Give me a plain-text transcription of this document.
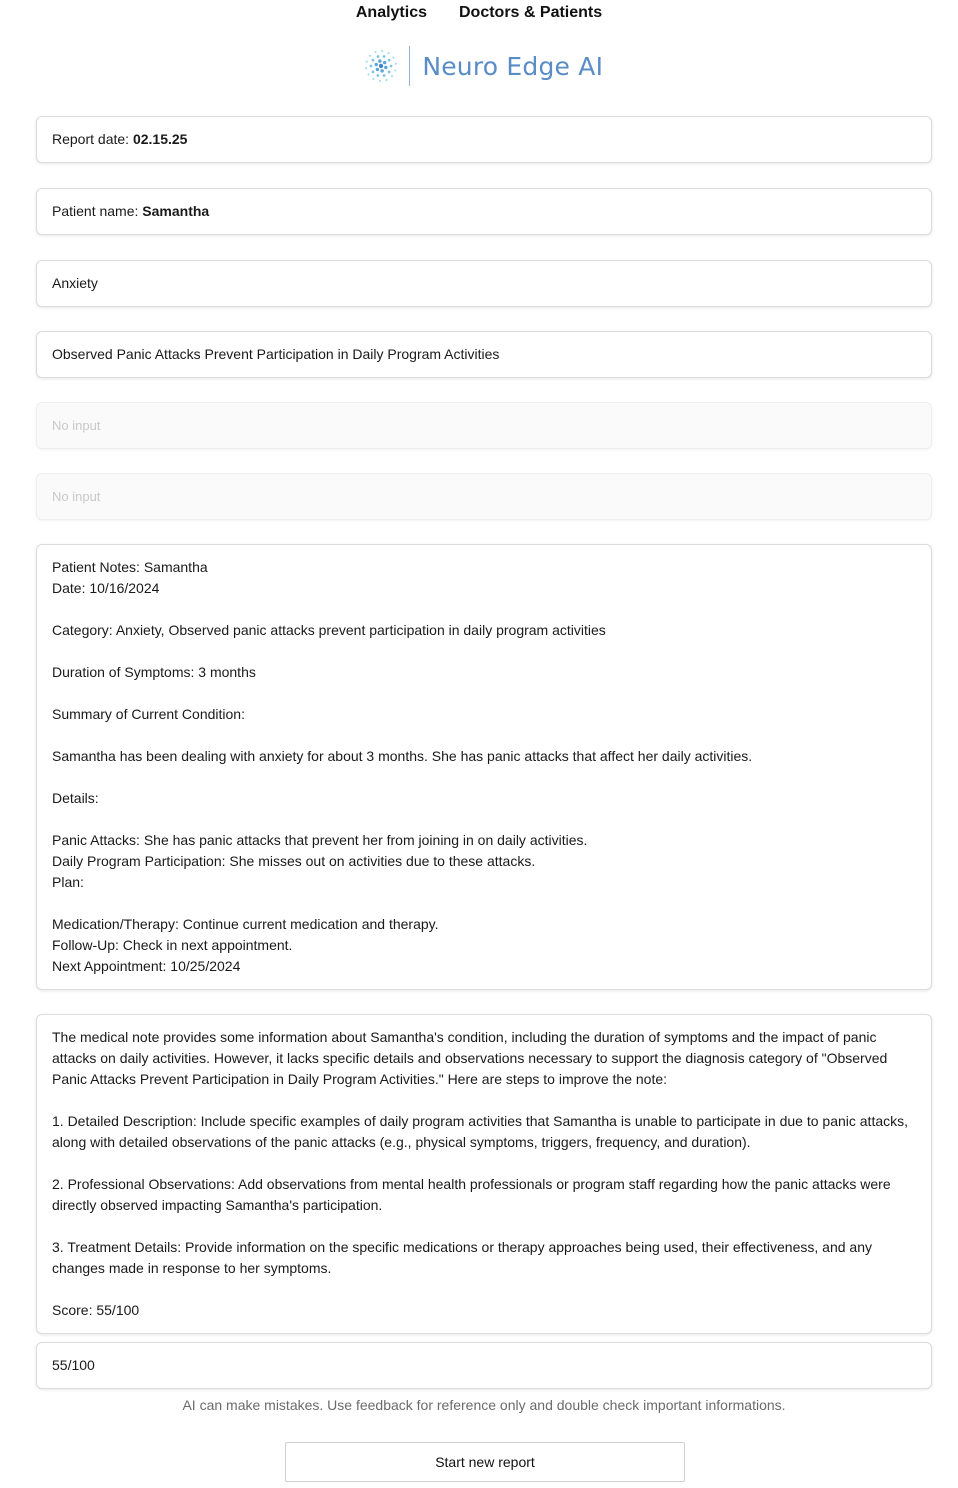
Analytics Doctors & Patients
Neuro Edge AI
Report date:
02.15.25
Patient name:
Samantha
Anxiety
Observed Panic Attacks Prevent Participation in Daily Program Activities
No input
No input
Patient Notes: Samantha
Date: 10/16/2024
Category: Anxiety, Observed panic attacks prevent participation in daily program activities
Duration of Symptoms: 3 months
Summary of Current Condition:
Samantha has been dealing with anxiety for about 3 months. She has panic attacks that affect her daily activities.
Details:
Panic Attacks: She has panic attacks that prevent her from joining in on daily activities.
Daily Program Participation: She misses out on activities due to these attacks.
Plan:
Medication/Therapy: Continue current medication and therapy.
Follow-Up: Check in next appointment.
Next Appointment: 10/25/2024
The medical note provides some information about Samantha's condition, including the duration of symptoms and the impact of panic attacks on daily activities. However, it lacks specific details and observations necessary to support the diagnosis category of "Observed Panic Attacks Prevent Participation in Daily Program Activities." Here are steps to improve the note:
1. Detailed Description: Include specific examples of daily program activities that Samantha is unable to participate in due to panic attacks, along with detailed observations of the panic attacks (e.g., physical symptoms, triggers, frequency, and duration).
2. Professional Observations: Add observations from mental health professionals or program staff regarding how the panic attacks were directly observed impacting Samantha's participation.
3. Treatment Details: Provide information on the specific medications or therapy approaches being used, their effectiveness, and any changes made in response to her symptoms.
Score: 55/100
55/100
AI can make mistakes. Use feedback for reference only and double check important informations.
Start new report
